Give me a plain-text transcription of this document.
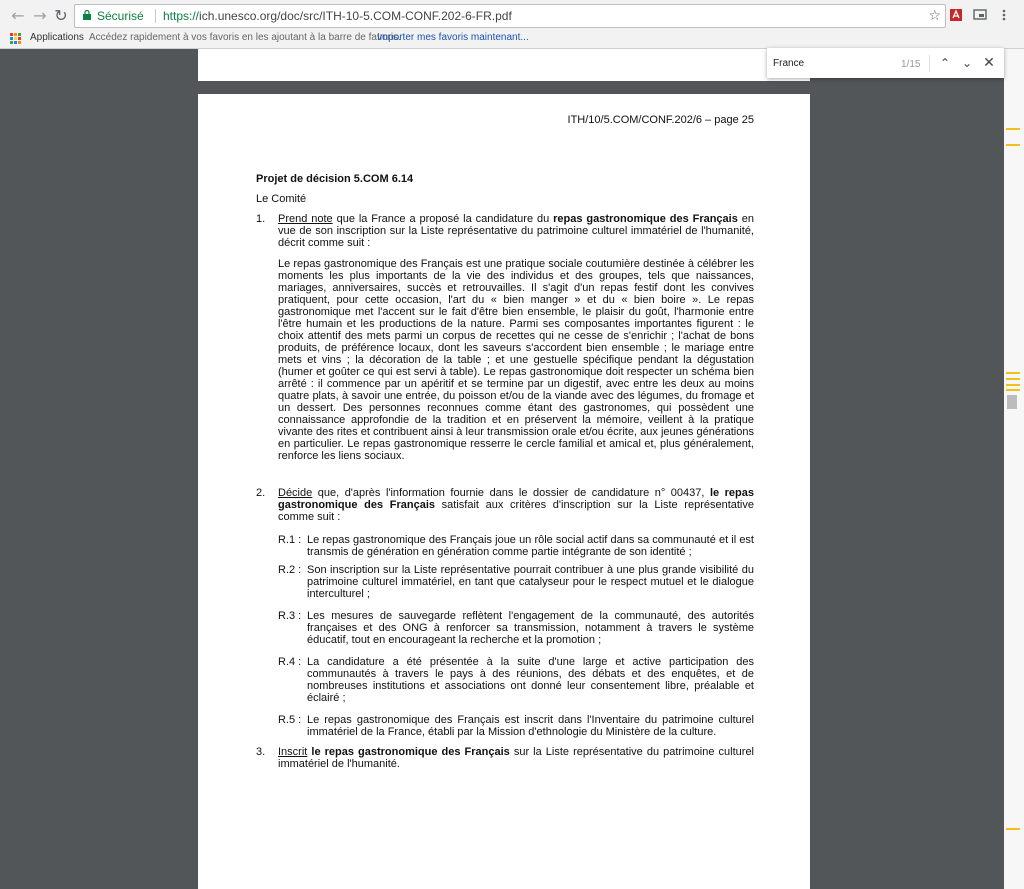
← → ↻ Sécurisé https://ich.unesco.org/doc/src/ITH-10-5.COM-CONF.202-6-FR.pdf	☆
Applications Accédez rapidement à vos favoris en les ajoutant à la barre de favoris.
Importer mes favoris maintenant...
France	1/15 ⌃ ⌄ ✕
ITH/10/5.COM/CONF.202/6 – page 25
Projet de décision 5.COM 6.14
Le Comité
1. Prend note que la France a proposé la candidature du repas gastronomique des Français en vue de son inscription sur la Liste représentative du patrimoine culturel immatériel de l'humanité, décrit comme suit :
Le repas gastronomique des Français est une pratique sociale coutumière destinée à célébrer les moments les plus importants de la vie des individus et des groupes, tels que naissances, mariages, anniversaires, succès et retrouvailles. Il s'agit d'un repas festif dont les convives pratiquent, pour cette occasion, l'art du « bien manger » et du « bien boire ». Le repas gastronomique met l'accent sur le fait d'être bien ensemble, le plaisir du goût, l'harmonie entre l'être humain et les productions de la nature. Parmi ses composantes importantes figurent : le choix attentif des mets parmi un corpus de recettes qui ne cesse de s'enrichir ; l'achat de bons produits, de préférence locaux, dont les saveurs s'accordent bien ensemble ; le mariage entre mets et vins ; la décoration de la table ; et une gestuelle spécifique pendant la dégustation (humer et goûter ce qui est servi à table). Le repas gastronomique doit respecter un schéma bien arrêté : il commence par un apéritif et se termine par un digestif, avec entre les deux au moins quatre plats, à savoir une entrée, du poisson et/ou de la viande avec des légumes, du fromage et un dessert. Des personnes reconnues comme étant des gastronomes, qui possèdent une connaissance approfondie de la tradition et en préservent la mémoire, veillent à la pratique vivante des rites et contribuent ainsi à leur transmission orale et/ou écrite, aux jeunes générations en particulier. Le repas gastronomique resserre le cercle familial et amical et, plus généralement, renforce les liens sociaux.
2. Décide que, d'après l'information fournie dans le dossier de candidature n° 00437, le repas gastronomique des Français satisfait aux critères d'inscription sur la Liste représentative comme suit :
R.1 : Le repas gastronomique des Français joue un rôle social actif dans sa communauté et il est transmis de génération en génération comme partie intégrante de son identité ;
R.2 : Son inscription sur la Liste représentative pourrait contribuer à une plus grande visibilité du patrimoine culturel immatériel, en tant que catalyseur pour le respect mutuel et le dialogue interculturel ;
R.3 : Les mesures de sauvegarde reflètent l'engagement de la communauté, des autorités françaises et des ONG à renforcer sa transmission, notamment à travers le système éducatif, tout en encourageant la recherche et la promotion ;
R.4 : La candidature a été présentée à la suite d'une large et active participation des communautés à travers le pays à des réunions, des débats et des enquêtes, et de nombreuses institutions et associations ont donné leur consentement libre, préalable et éclairé ;
R.5 : Le repas gastronomique des Français est inscrit dans l'Inventaire du patrimoine culturel immatériel de la France, établi par la Mission d'ethnologie du Ministère de la culture.
3. Inscrit le repas gastronomique des Français sur la Liste représentative du patrimoine culturel immatériel de l'humanité.
